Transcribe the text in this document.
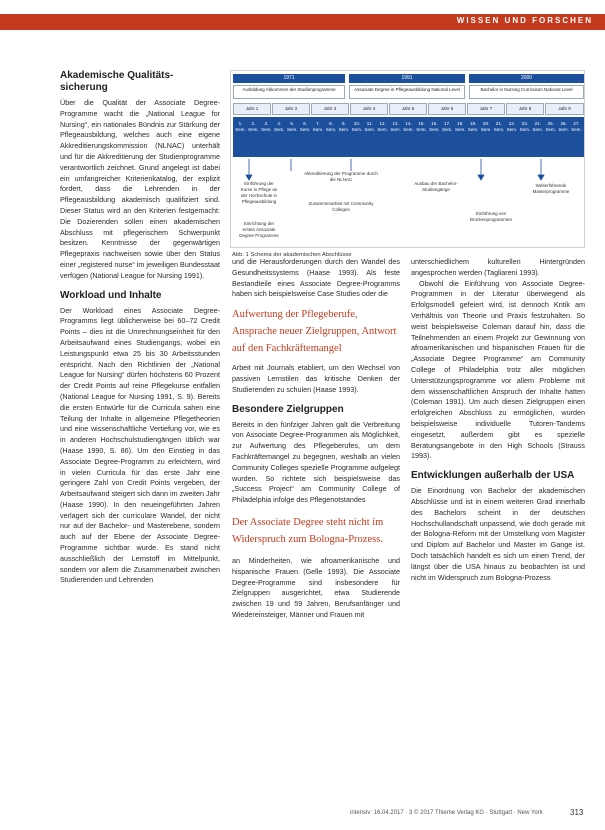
WISSEN UND FORSCHEN
Akademische Qualitäts-sicherung

Über die Qualität der Associate Degree-Programme wacht die „National League for Nursing“, ein nationales Bündnis zur Stärkung der Pflegeausbildung, welches auch eine eigene Akkreditierungskommission (NLNAC) unterhält und für die Akkreditierung der Studienprogramme verantwortlich zeichnet. Grund angelegt ist dabei ein umfangreicher Kriterienkatalog, der explizit fordert, dass die Lehrenden in der Pflegeausbildung akademisch qualifiziert sind. Dieser Status wird an den Kriterien festgemacht: Die Dozierenden sollen einen akademischen Abschluss mit pflegerischem Schwerpunkt besitzen. Kenntnisse der gegenwärtigen Pflegepraxis nachweisen sowie über den Status einer „registered nurse“ im jeweiligen Bundesstaat verfügen (National League for Nursing 1991).

Workload und Inhalte

Der Workload eines Associate Degree-Programms liegt üblicherweise bei 60–72 Credit Points – dies ist die Umrechnungseinheit für den Arbeitsaufwand eines Studiengangs, wobei ein Leistungspunkt etwa 25 bis 30 Arbeitsstunden entspricht. Nach den Richtlinien der „National League for Nursing“ dürfen höchstens 60 Prozent der Credit Points auf reine Pflegekurse entfallen (National League for Nursing 1991, S. 9). Bereits die ersten Entwürfe für die Curricula sahen eine Teilung der Inhalte in allgemeine Pflegetheorien und eine wissenschaftliche Vertiefung vor, wie es in anderen Hochschulstudiengängen üblich war (Haase 1990, S. 86). Um den Einstieg in das Associate Degree-Programm zu erleichtern, wird in vielen Curricula für das erste Jahr eine geringere Zahl von Credit Points vergeben, der Arbeitsaufwand steigert sich dann im zweiten Jahr (Haase 1990). In den neueingeführten Jahren verlagert sich der curriculare Wandel, der nicht nur auf der Bachelor- und Masterebene, sondern auch auf der Ebene der Associate Degree-Programme sichtbar wurde. Es stand nicht ausschließlich der Lernstoff im Mittelpunkt, sondern vor allem die Zusammenarbeit zwischen Studierenden und Lehrenden

1971	1991	2000
Ausbildung Abkommen der Studienprogramme	Associate Degree in Pflegeausbildung National Level	Bachelor in Nursing Curriculum National Level
Jahr 1	Jahr 2	Jahr 3	Jahr 4	Jahr 5	Jahr 6	Jahr 7	Jahr 8	Jahr 9
1. Sem.
2. Sem.
3. Sem.
4. Sem.
5. Sem.
6. Sem.
7. Sem.
8. Sem.
9. Sem.
10. Sem.
11. Sem.
12. Sem.
13. Sem.
14. Sem.
15. Sem.
16. Sem.
17. Sem.
18. Sem.
19. Sem.
20. Sem.
21. Sem.
22. Sem.
23. Sem.
24. Sem.
25. Sem.
26. Sem.
27. Sem.
Einführung der Kurse in Pflege an der Hochschule in Pflegeausbildung
Einrichtung der ersten Associate Degree Programme
Akkreditierung der Programme durch die NLNAC
Zusammenarbeit mit Community Colleges
Ausbau der Bachelor-Studiengänge
Einführung von Brückenprogrammen
Weiterführende Masterprogramme
Abb. 1 Schema der akademischen Abschlüsse

und die Herausforderungen durch den Wandel des Gesundheitssystems (Haase 1993). Als feste Bestandteile eines Associate Degree-Programms haben sich beispielsweise Case Studies oder die

Aufwertung der Pflegeberufe, Ansprache neuer Zielgruppen, Antwort auf den Fachkräftemangel

Arbeit mit Journals etabliert, um den Wechsel von passiven Lernstilen das kritische Denken der Studierenden zu schulen (Haase 1993).

Besondere Zielgruppen

Bereits in den fünfziger Jahren galt die Verbreitung von Associate Degree-Programmen als Möglichkeit, zur Aufwertung des Pflegeberufes, um dem Fachkräftemangel zu begegnen, weshalb an vielen Community Colleges spezielle Programme aufgelegt wurden. So richtete sich beispielsweise das „Success Project“ am Community College of Philadelphia infolge des Pflegenotstandes

Der Associate Degree steht nicht im Widerspruch zum Bologna-Prozess.

an Minderheiten, wie afroamerikanische und hispanische Frauen (Gelle 1993). Die Associate Degree-Programme sind insbesondere für Zielgruppen ausgerichtet, etwa Studierende zwischen 19 und 59 Jahren, Berufsanfänger und Wiedereinsteiger, Männer und Frauen mit

unterschiedlichem kulturellen Hintergründen angesprochen werden (Tagliareni 1993).

Obwohl die Einführung von Associate Degree-Programmen in der Literatur überwiegend als Erfolgsmodell gefeiert wird, ist dennoch Kritik am Verhältnis von Theorie und Praxis festzuhalten. So weist beispielsweise Coleman darauf hin, dass die Teilnehmenden an einem Projekt zur Gewinnung von afroamerikanischen und hispanischen Frauen für die „Associate Degree Programme“ am Community College of Philadelphia trotz aller möglichen Unterstützungsprogramme vor allem Probleme mit dem wissenschaftlichen Anspruch der Inhalte hatten (Coleman 1991). Um auch diesen Zielgruppen einen erfolgreichen Abschluss zu ermöglichen, wurden beispielsweise individuelle Tutoren-Tandems eingesetzt, außerdem gibt es spezielle Beratungsangebote in den High Schools (Strauss 1993).

Entwicklungen außerhalb der USA

Die Einordnung von Bachelor der akademischen Abschlüsse und ist in einem weiteren Grad innerhalb des Bachelors scheint in der deutschen Hochschullandschaft unpassend, wie doch gerade mit der Bologna-Reform mit der Umstellung vom Magister und Diplom auf Bachelor und Master im Gange ist. Doch tatsächlich handelt es sich um einen Trend, der längst über die USA hinaus zu beobachten ist und nicht im Widerspruch zum Bologna-Prozess

intensiv: 16.04.2017 · 3 © 2017 Thieme Verlag KG · Stuttgart · New York	313
